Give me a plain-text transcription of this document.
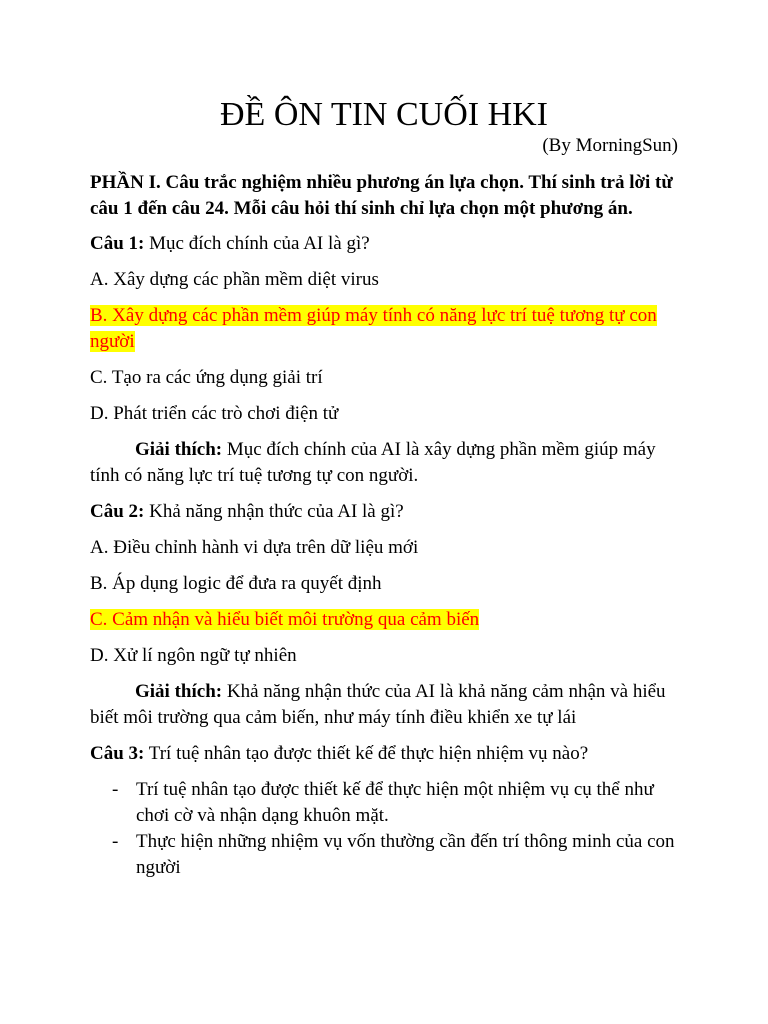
ĐỀ ÔN TIN CUỐI HKI
(By MorningSun)

PHẦN I. Câu trắc nghiệm nhiều phương án lựa chọn. Thí sinh trả lời từ câu 1 đến câu 24. Mỗi câu hỏi thí sinh chỉ lựa chọn một phương án.

Câu 1: Mục đích chính của AI là gì?

A. Xây dựng các phần mềm diệt virus

B. Xây dựng các phần mềm giúp máy tính có năng lực trí tuệ tương tự con người

C. Tạo ra các ứng dụng giải trí

D. Phát triển các trò chơi điện tử

Giải thích: Mục đích chính của AI là xây dựng phần mềm giúp máy tính có năng lực trí tuệ tương tự con người.

Câu 2: Khả năng nhận thức của AI là gì?

A. Điều chỉnh hành vi dựa trên dữ liệu mới

B. Áp dụng logic để đưa ra quyết định

C. Cảm nhận và hiểu biết môi trường qua cảm biến

D. Xử lí ngôn ngữ tự nhiên

Giải thích: Khả năng nhận thức của AI là khả năng cảm nhận và hiểu biết môi trường qua cảm biến, như máy tính điều khiển xe tự lái

Câu 3: Trí tuệ nhân tạo được thiết kế để thực hiện nhiệm vụ nào?

- Trí tuệ nhân tạo được thiết kế để thực hiện một nhiệm vụ cụ thể như chơi cờ và nhận dạng khuôn mặt.
- Thực hiện những nhiệm vụ vốn thường cần đến trí thông minh của con người
